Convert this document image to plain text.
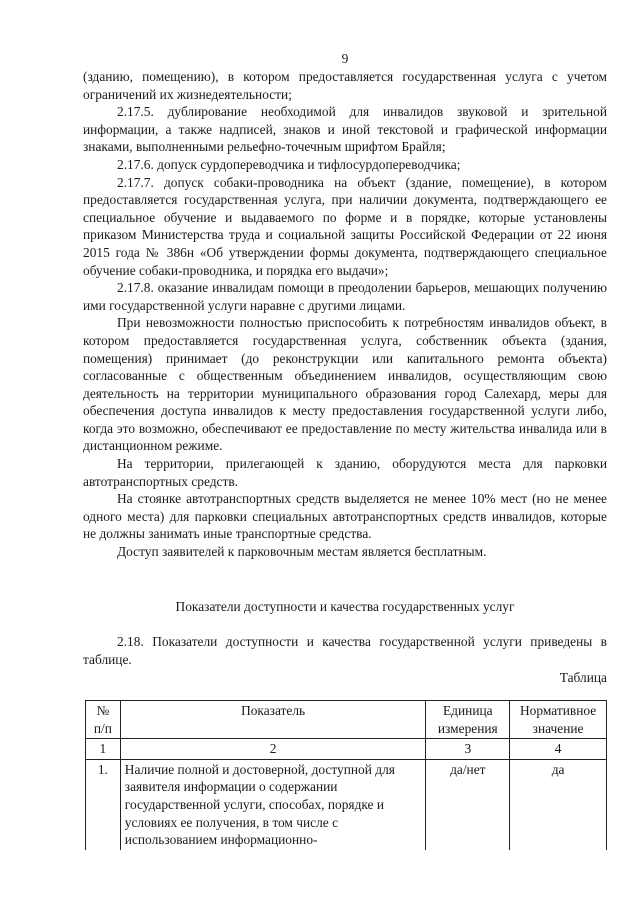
9

(зданию, помещению), в котором предоставляется государственная услуга с учетом ограничений их жизнедеятельности;

2.17.5. дублирование необходимой для инвалидов звуковой и зрительной информации, а также надписей, знаков и иной текстовой и графической информации знаками, выполненными рельефно-точечным шрифтом Брайля;

2.17.6. допуск сурдопереводчика и тифлосурдопереводчика;

2.17.7. допуск собаки-проводника на объект (здание, помещение), в котором предоставляется государственная услуга, при наличии документа, подтверждающего ее специальное обучение и выдаваемого по форме и в порядке, которые установлены приказом Министерства труда и социальной защиты Российской Федерации от 22 июня 2015 года № 386н «Об утверждении формы документа, подтверждающего специальное обучение собаки-проводника, и порядка его выдачи»;

2.17.8. оказание инвалидам помощи в преодолении барьеров, мешающих получению ими государственной услуги наравне с другими лицами.

При невозможности полностью приспособить к потребностям инвалидов объект, в котором предоставляется государственная услуга, собственник объекта (здания, помещения) принимает (до реконструкции или капитального ремонта объекта) согласованные с общественным объединением инвалидов, осуществляющим свою деятельность на территории муниципального образования город Салехард, меры для обеспечения доступа инвалидов к месту предоставления государственной услуги либо, когда это возможно, обеспечивают ее предоставление по месту жительства инвалида или в дистанционном режиме.

На территории, прилегающей к зданию, оборудуются места для парковки автотранспортных средств.

На стоянке автотранспортных средств выделяется не менее 10% мест (но не менее одного места) для парковки специальных автотранспортных средств инвалидов, которые не должны занимать иные транспортные средства.

Доступ заявителей к парковочным местам является бесплатным.

Показатели доступности и качества государственных услуг

2.18. Показатели доступности и качества государственной услуги приведены в таблице.

Таблица
№ п/п	Показатель	Единица измерения	Нормативное значение
1	2	3	4
1.	Наличие полной и достоверной, доступной для заявителя информации о содержании государственной услуги, способах, порядке и условиях ее получения, в том числе с использованием информационно-	да/нет	да
